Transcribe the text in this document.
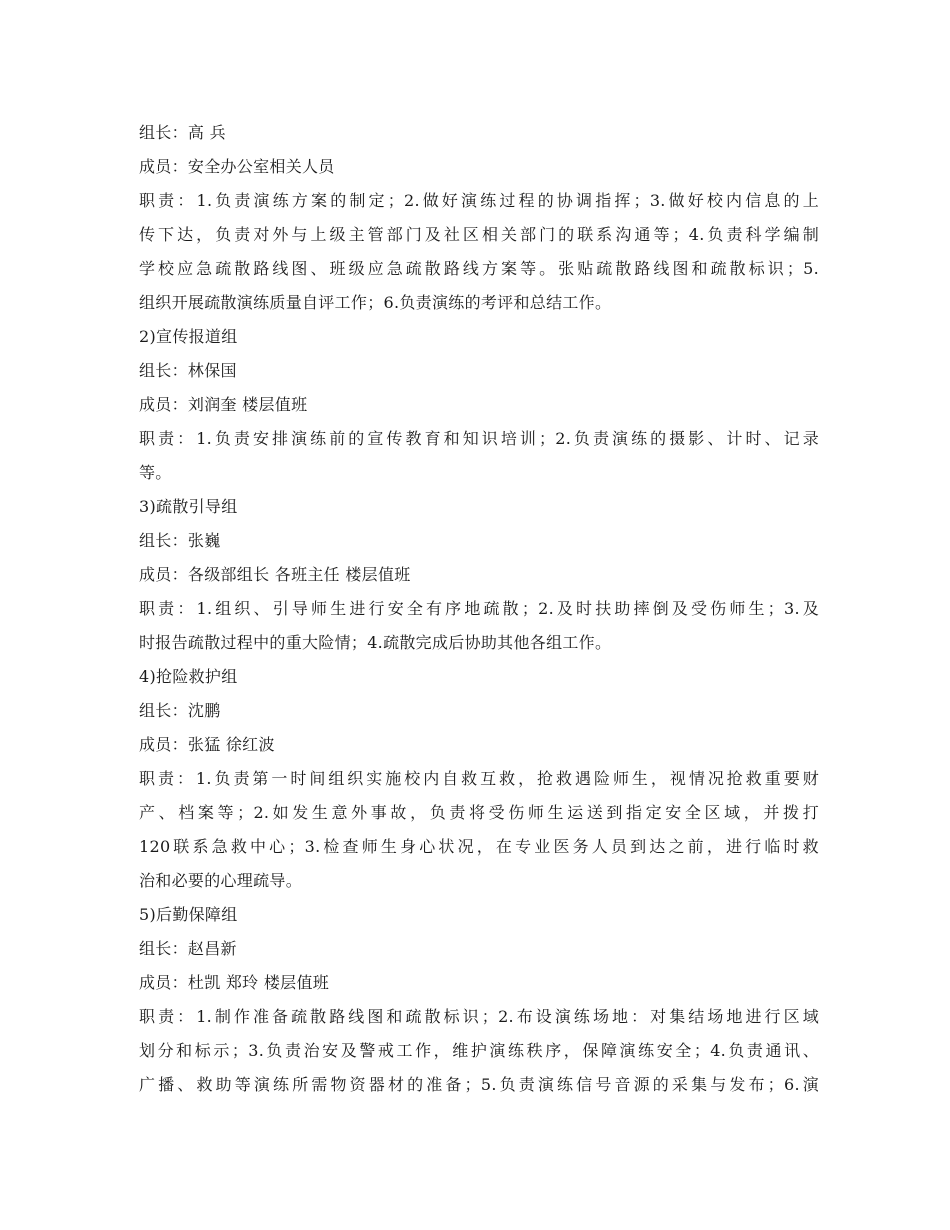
组长：高 兵
成员：安全办公室相关人员
职责：1.负责演练方案的制定；2.做好演练过程的协调指挥；3.做好校内信息的上
传下达，负责对外与上级主管部门及社区相关部门的联系沟通等；4.负责科学编制
学校应急疏散路线图、班级应急疏散路线方案等。张贴疏散路线图和疏散标识；5.
组织开展疏散演练质量自评工作；6.负责演练的考评和总结工作。
2)宣传报道组
组长：林保国
成员：刘润奎 楼层值班
职责：1.负责安排演练前的宣传教育和知识培训；2.负责演练的摄影、计时、记录
等。
3)疏散引导组
组长：张巍
成员：各级部组长 各班主任 楼层值班
职责：1.组织、引导师生进行安全有序地疏散；2.及时扶助摔倒及受伤师生；3.及
时报告疏散过程中的重大险情；4.疏散完成后协助其他各组工作。
4)抢险救护组
组长：沈鹏
成员：张猛 徐红波
职责：1.负责第一时间组织实施校内自救互救，抢救遇险师生，视情况抢救重要财
产、档案等；2.如发生意外事故，负责将受伤师生运送到指定安全区域，并拨打
120联系急救中心；3.检查师生身心状况，在专业医务人员到达之前，进行临时救
治和必要的心理疏导。
5)后勤保障组
组长：赵昌新
成员：杜凯 郑玲 楼层值班
职责：1.制作准备疏散路线图和疏散标识；2.布设演练场地：对集结场地进行区域
划分和标示；3.负责治安及警戒工作，维护演练秩序，保障演练安全；4.负责通讯、
广播、救助等演练所需物资器材的准备；5.负责演练信号音源的采集与发布；6.演
